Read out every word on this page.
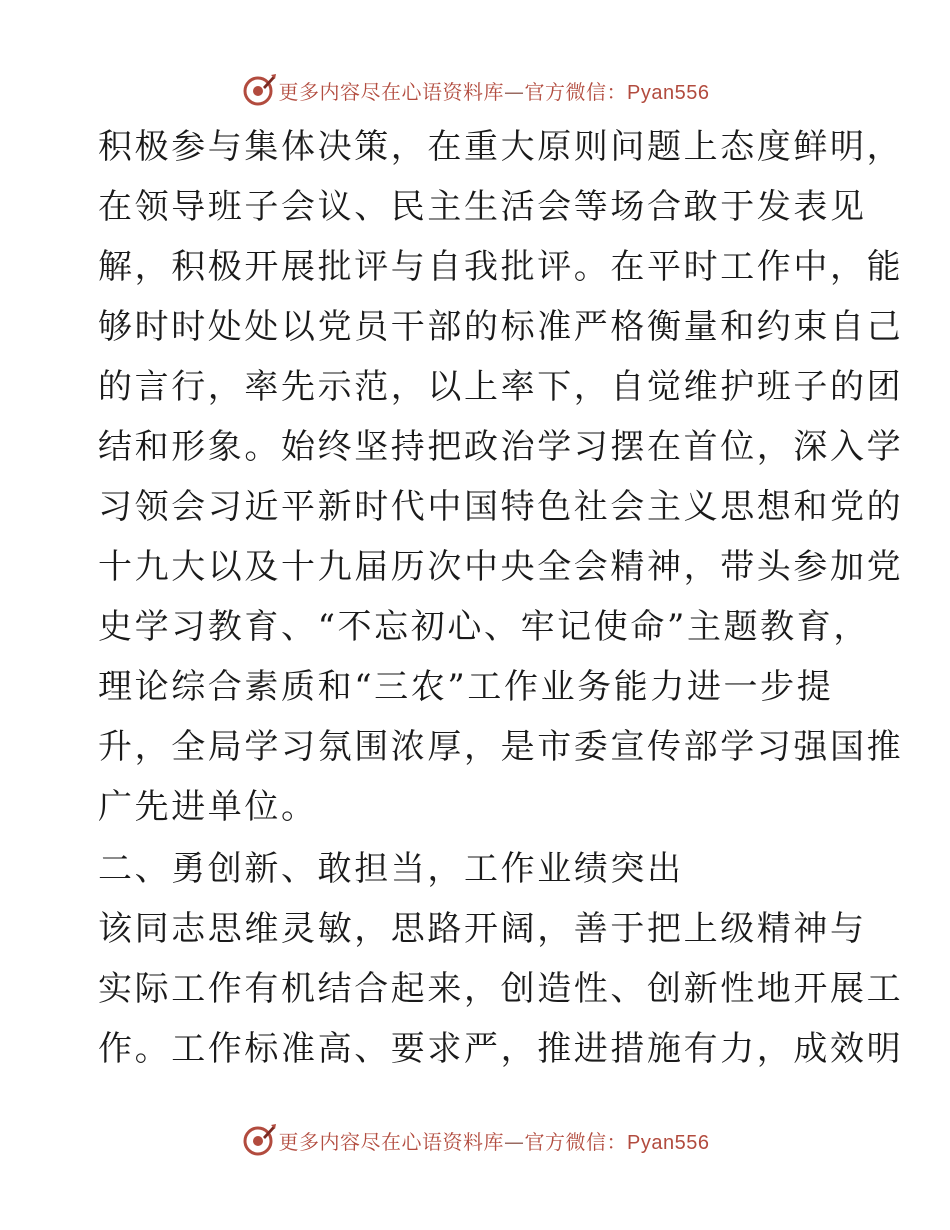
更多内容尽在心语资料库—官方微信：Pyan556
积极参与集体决策，在重大原则问题上态度鲜明，
在领导班子会议、民主生活会等场合敢于发表见
解，积极开展批评与自我批评。在平时工作中，能
够时时处处以党员干部的标准严格衡量和约束自己
的言行，率先示范，以上率下，自觉维护班子的团
结和形象。始终坚持把政治学习摆在首位，深入学
习领会习近平新时代中国特色社会主义思想和党的
十九大以及十九届历次中央全会精神，带头参加党
史学习教育、“不忘初心、牢记使命”主题教育，
理论综合素质和“三农”工作业务能力进一步提
升，全局学习氛围浓厚，是市委宣传部学习强国推
广先进单位。
二、勇创新、敢担当，工作业绩突出
该同志思维灵敏，思路开阔，善于把上级精神与
实际工作有机结合起来，创造性、创新性地开展工
作。工作标准高、要求严，推进措施有力，成效明
更多内容尽在心语资料库—官方微信：Pyan556
